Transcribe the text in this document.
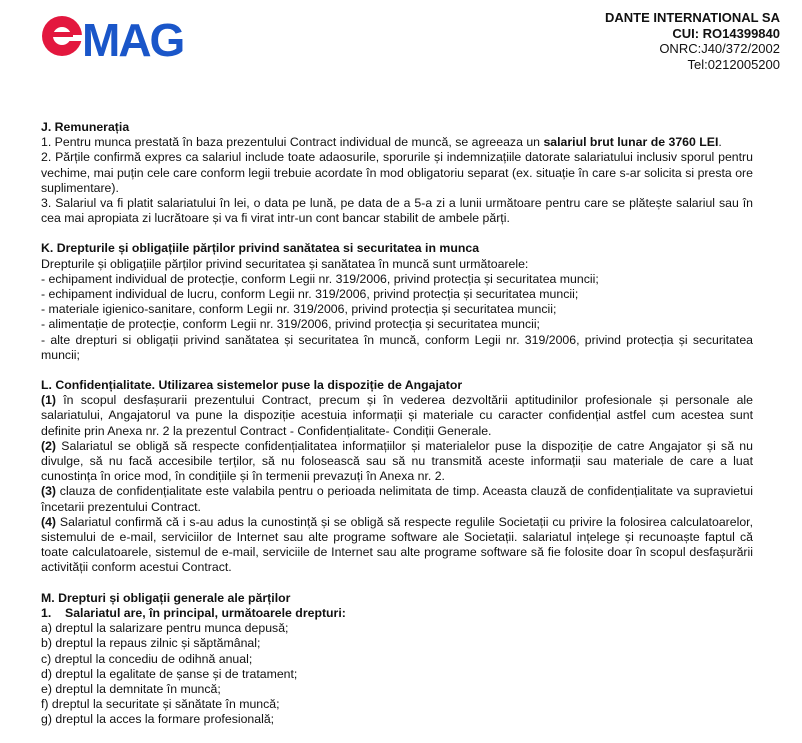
MAG	DANTE INTERNATIONAL SA
CUI: RO14399840
ONRC:J40/372/2002
Tel:0212005200
J. Remunerația
1. Pentru munca prestată în baza prezentului Contract individual de muncă, se agreeaza un salariul brut lunar de 3760 LEI.
2. Părțile confirmă expres ca salariul include toate adaosurile, sporurile și indemnizațiile datorate salariatului inclusiv sporul pentru vechime, mai puțin cele care conform legii trebuie acordate în mod obligatoriu separat (ex. situație în care s-ar solicita si presta ore suplimentare).
3. Salariul va fi platit salariatului în lei, o data pe lună, pe data de a 5-a zi a lunii următoare pentru care se plătește salariul sau în cea mai apropiata zi lucrătoare și va fi virat intr-un cont bancar stabilit de ambele părți.
K. Drepturile și obligațiile părților privind sanătatea si securitatea in munca
Drepturile și obligațiile părților privind securitatea și sanătatea în muncă sunt următoarele:
- echipament individual de protecție, conform Legii nr. 319/2006, privind protecția și securitatea muncii;
- echipament individual de lucru, conform Legii nr. 319/2006, privind protecția și securitatea muncii;
- materiale igienico-sanitare, conform Legii nr. 319/2006, privind protecția și securitatea muncii;
- alimentație de protecție, conform Legii nr. 319/2006, privind protecția și securitatea muncii;
- alte drepturi si obligații privind sanătatea și securitatea în muncă, conform Legii nr. 319/2006, privind protecția și securitatea muncii;
L. Confidențialitate. Utilizarea sistemelor puse la dispoziție de Angajator
(1) în scopul desfașurarii prezentului Contract, precum și în vederea dezvoltării aptitudinilor profesionale și personale ale salariatului, Angajatorul va pune la dispoziție acestuia informații și materiale cu caracter confidențial astfel cum acestea sunt definite prin Anexa nr. 2 la prezentul Contract - Confidențialitate- Condiții Generale.
(2) Salariatul se obligă să respecte confidențialitatea informațiilor și materialelor puse la dispoziție de catre Angajator și să nu divulge, să nu facă accesibile terților, să nu folosească sau să nu transmită aceste informații sau materiale de care a luat cunostința în orice mod, în condițiile și în termenii prevazuți în Anexa nr. 2.
(3) clauza de confidențialitate este valabila pentru o perioada nelimitata de timp. Aceasta clauză de confidențialitate va supravietui încetarii prezentului Contract.
(4) Salariatul confirmă că i s-au adus la cunostință și se obligă să respecte regulile Societații cu privire la folosirea calculatoarelor, sistemului de e-mail, serviciilor de Internet sau alte programe software ale Societații. salariatul ințelege și recunoaște faptul că toate calculatoarele, sistemul de e-mail, serviciile de Internet sau alte programe software să fie folosite doar în scopul desfașurării activității conform acestui Contract.
M. Drepturi și obligații generale ale părților
1. Salariatul are, în principal, următoarele drepturi:
a) dreptul la salarizare pentru munca depusă;
b) dreptul la repaus zilnic și săptămânal;
c) dreptul la concediu de odihnă anual;
d) dreptul la egalitate de șanse și de tratament;
e) dreptul la demnitate în muncă;
f) dreptul la securitate și sănătate în muncă;
g) dreptul la acces la formare profesională;
